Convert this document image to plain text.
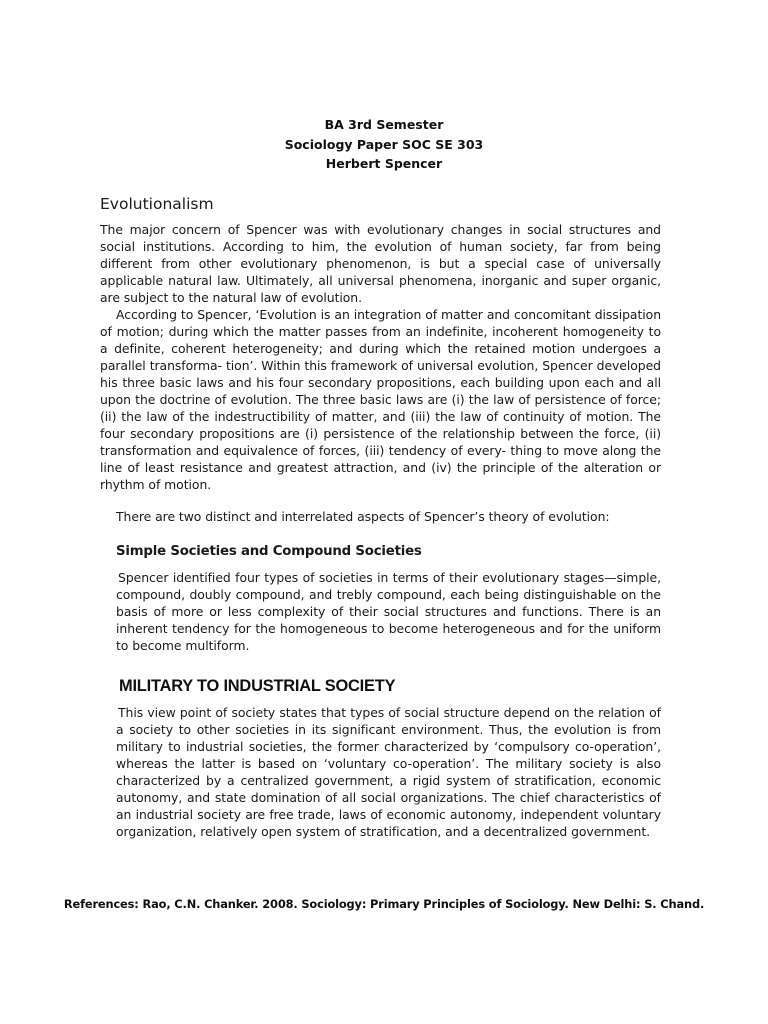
BA 3rd Semester
Sociology Paper SOC SE 303
Herbert Spencer
Evolutionalism
The major concern of Spencer was with evolutionary changes in social structures and social institutions. According to him, the evolution of human society, far from being different from other evolutionary phenomenon, is but a special case of universally applicable natural law. Ultimately, all universal phenomena, inorganic and super organic, are subject to the natural law of evolution.
According to Spencer, ‘Evolution is an integration of matter and concomitant dissipation of motion; during which the matter passes from an indefinite, incoherent homogeneity to a definite, coherent heterogeneity; and during which the retained motion undergoes a parallel transforma- tion’. Within this framework of universal evolution, Spencer developed his three basic laws and his four secondary propositions, each building upon each and all upon the doctrine of evolution. The three basic laws are (i) the law of persistence of force; (ii) the law of the indestructibility of matter, and (iii) the law of continuity of motion. The four secondary propositions are (i) persistence of the relationship between the force, (ii) transformation and equivalence of forces, (iii) tendency of every- thing to move along the line of least resistance and greatest attraction, and (iv) the principle of the alteration or rhythm of motion.
There are two distinct and interrelated aspects of Spencer’s theory of evolution:
Simple Societies and Compound Societies
Spencer identified four types of societies in terms of their evolutionary stages—simple, compound, doubly compound, and trebly compound, each being distinguishable on the basis of more or less complexity of their social structures and functions. There is an inherent tendency for the homogeneous to become heterogeneous and for the uniform to become multiform.
MILITARY TO INDUSTRIAL SOCIETY
This view point of society states that types of social structure depend on the relation of a society to other societies in its significant environment. Thus, the evolution is from military to industrial societies, the former characterized by ‘compulsory co-operation’, whereas the latter is based on ‘voluntary co-operation’. The military society is also characterized by a centralized government, a rigid system of stratification, economic autonomy, and state domination of all social organizations. The chief characteristics of an industrial society are free trade, laws of economic autonomy, independent voluntary organization, relatively open system of stratification, and a decentralized government.
References: Rao, C.N. Chanker. 2008. Sociology: Primary Principles of Sociology. New Delhi: S. Chand.
